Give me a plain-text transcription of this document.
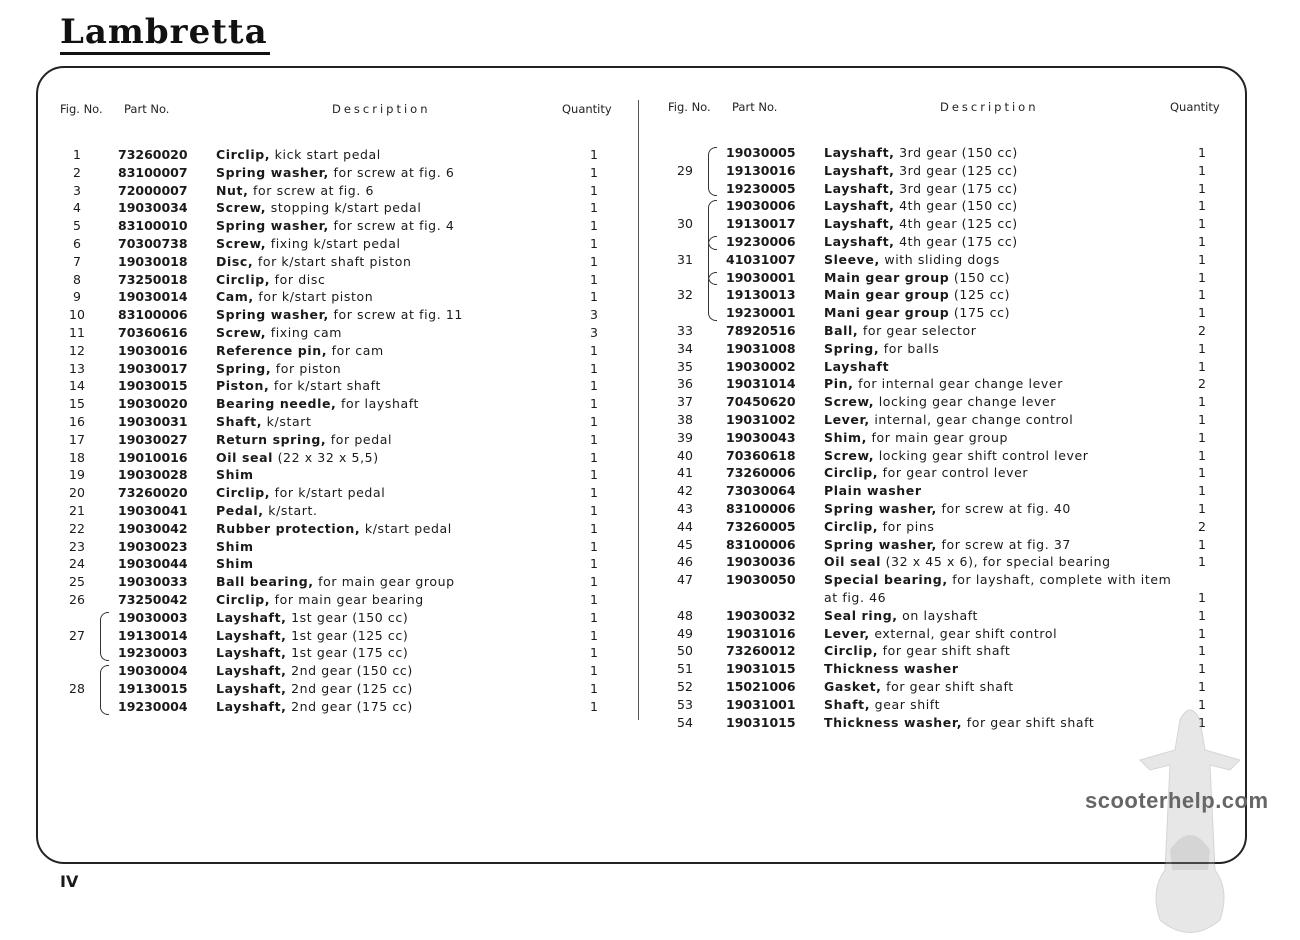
Lambretta
Fig. No. Part No.	Description	Quantity
1	73260020 Circlip, kick start pedal	1
2	83100007 Spring washer, for screw at fig. 6	1
3	72000007 Nut, for screw at fig. 6	1
4	19030034 Screw, stopping k/start pedal	1
5	83100010 Spring washer, for screw at fig. 4	1
6	70300738 Screw, fixing k/start pedal	1
7	19030018 Disc, for k/start shaft piston	1
8	73250018 Circlip, for disc	1
9	19030014 Cam, for k/start piston	1
10	83100006 Spring washer, for screw at fig. 11	3
11	70360616 Screw, fixing cam	3
12	19030016 Reference pin, for cam	1
13	19030017 Spring, for piston	1
14	19030015 Piston, for k/start shaft	1
15	19030020 Bearing needle, for layshaft	1
16	19030031 Shaft, k/start	1
17	19030027 Return spring, for pedal	1
18	19010016 Oil seal (22 x 32 x 5,5)	1
19	19030028 Shim	1
20	73260020 Circlip, for k/start pedal	1
21	19030041 Pedal, k/start.	1
22	19030042 Rubber protection, k/start pedal	1
23	19030023 Shim	1
24	19030044 Shim	1
25	19030033 Ball bearing, for main gear group	1
26	73250042 Circlip, for main gear bearing	1
19030003 Layshaft, 1st gear (150 cc)	1
27	19130014 Layshaft, 1st gear (125 cc)	1
19230003 Layshaft, 1st gear (175 cc)	1
19030004 Layshaft, 2nd gear (150 cc)	1
28	19130015 Layshaft, 2nd gear (125 cc)	1
19230004 Layshaft, 2nd gear (175 cc)	1
Fig. No. Part No.	Description	Quantity
19030005 Layshaft, 3rd gear (150 cc)	1
29	19130016 Layshaft, 3rd gear (125 cc)	1
19230005 Layshaft, 3rd gear (175 cc)	1
19030006 Layshaft, 4th gear (150 cc)	1
30	19130017 Layshaft, 4th gear (125 cc)	1
19230006 Layshaft, 4th gear (175 cc)	1
31	41031007 Sleeve, with sliding dogs	1
19030001 Main gear group (150 cc)	1
32	19130013 Main gear group (125 cc)	1
19230001 Mani gear group (175 cc)	1
33	78920516 Ball, for gear selector	2
34	19031008 Spring, for balls	1
35	19030002 Layshaft	1
36	19031014 Pin, for internal gear change lever	2
37	70450620 Screw, locking gear change lever	1
38	19031002 Lever, internal, gear change control	1
39	19030043 Shim, for main gear group	1
40	70360618 Screw, locking gear shift control lever	1
41	73260006 Circlip, for gear control lever	1
42	73030064 Plain washer	1
43	83100006 Spring washer, for screw at fig. 40	1
44	73260005 Circlip, for pins	2
45	83100006 Spring washer, for screw at fig. 37	1
46	19030036 Oil seal (32 x 45 x 6), for special bearing	1
47	19030050 Special bearing, for layshaft, complete with item
at fig. 46	1
48	19030032 Seal ring, on layshaft	1
49	19031016 Lever, external, gear shift control	1
50	73260012 Circlip, for gear shift shaft	1
51	19031015 Thickness washer	1
52	15021006 Gasket, for gear shift shaft	1
53	19031001 Shaft, gear shift	1
54	19031015 Thickness washer, for gear shift shaft	1
scooterhelp.com
IV
